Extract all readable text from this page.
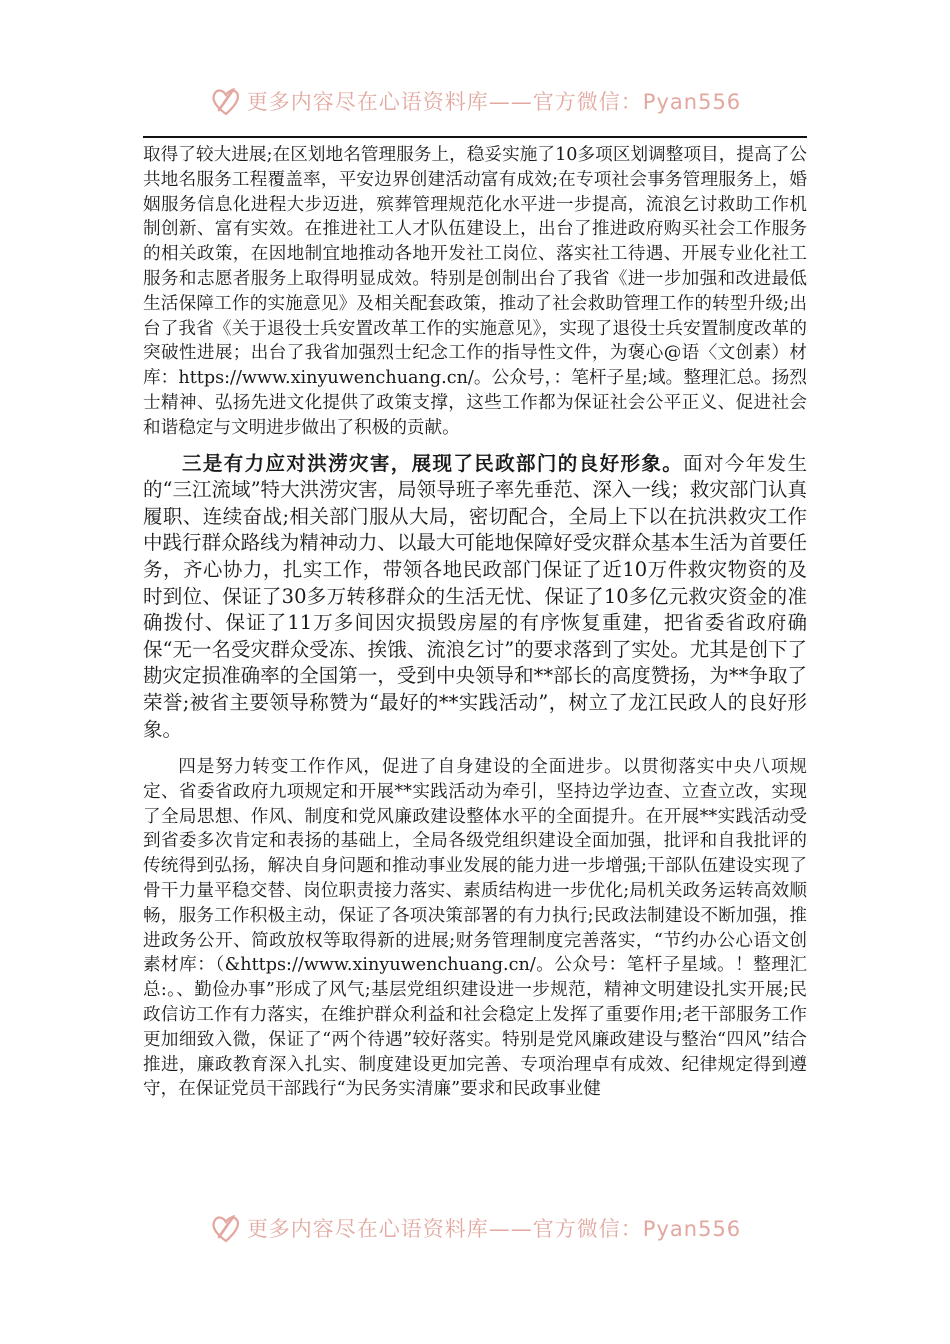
更多内容尽在心语资料库——官方微信：Pyan556

取得了较大进展;在区划地名管理服务上，稳妥实施了10多项区划调整项目，提高了公共地名服务工程覆盖率，平安边界创建活动富有成效;在专项社会事务管理服务上，婚姻服务信息化进程大步迈进，殡葬管理规范化水平进一步提高，流浪乞讨救助工作机制创新、富有实效。在推进社工人才队伍建设上，出台了推进政府购买社会工作服务的相关政策，在因地制宜地推动各地开发社工岗位、落实社工待遇、开展专业化社工服务和志愿者服务上取得明显成效。特别是创制出台了我省《进一步加强和改进最低生活保障工作的实施意见》及相关配套政策，推动了社会救助管理工作的转型升级;出台了我省《关于退役士兵安置改革工作的实施意见》，实现了退役士兵安置制度改革的突破性进展；出台了我省加强烈士纪念工作的指导性文件，为褒心@语〈文创素）材库：https://www.xinyuwenchuang.cn/。公众号，：笔杆子星;域。整理汇总。扬烈士精神、弘扬先进文化提供了政策支撑，这些工作都为保证社会公平正义、促进社会和谐稳定与文明进步做出了积极的贡献。

三是有力应对洪涝灾害，展现了民政部门的良好形象。面对今年发生的“三江流域”特大洪涝灾害，局领导班子率先垂范、深入一线；救灾部门认真履职、连续奋战;相关部门服从大局，密切配合，全局上下以在抗洪救灾工作中践行群众路线为精神动力、以最大可能地保障好受灾群众基本生活为首要任务，齐心协力，扎实工作，带领各地民政部门保证了近10万件救灾物资的及时到位、保证了30多万转移群众的生活无忧、保证了10多亿元救灾资金的准确拨付、保证了11万多间因灾损毁房屋的有序恢复重建，把省委省政府确保“无一名受灾群众受冻、挨饿、流浪乞讨”的要求落到了实处。尤其是创下了勘灾定损准确率的全国第一，受到中央领导和**部长的高度赞扬，为**争取了荣誉;被省主要领导称赞为“最好的**实践活动”，树立了龙江民政人的良好形象。

四是努力转变工作作风，促进了自身建设的全面进步。以贯彻落实中央八项规定、省委省政府九项规定和开展**实践活动为牵引，坚持边学边查、立查立改，实现了全局思想、作风、制度和党风廉政建设整体水平的全面提升。在开展**实践活动受到省委多次肯定和表扬的基础上，全局各级党组织建设全面加强，批评和自我批评的传统得到弘扬，解决自身问题和推动事业发展的能力进一步增强;干部队伍建设实现了骨干力量平稳交替、岗位职责接力落实、素质结构进一步优化;局机关政务运转高效顺畅，服务工作积极主动，保证了各项决策部署的有力执行;民政法制建设不断加强，推进政务公开、简政放权等取得新的进展;财务管理制度完善落实，“节约办公心语文创素材库：（&https://www.xinyuwenchuang.cn/。公众号：笔杆子星域。！整理汇总:。、勤俭办事”形成了风气;基层党组织建设进一步规范，精神文明建设扎实开展;民政信访工作有力落实，在维护群众利益和社会稳定上发挥了重要作用;老干部服务工作更加细致入微，保证了“两个待遇”较好落实。特别是党风廉政建设与整治“四风”结合推进，廉政教育深入扎实、制度建设更加完善、专项治理卓有成效、纪律规定得到遵守，在保证党员干部践行“为民务实清廉”要求和民政事业健

更多内容尽在心语资料库——官方微信：Pyan556
